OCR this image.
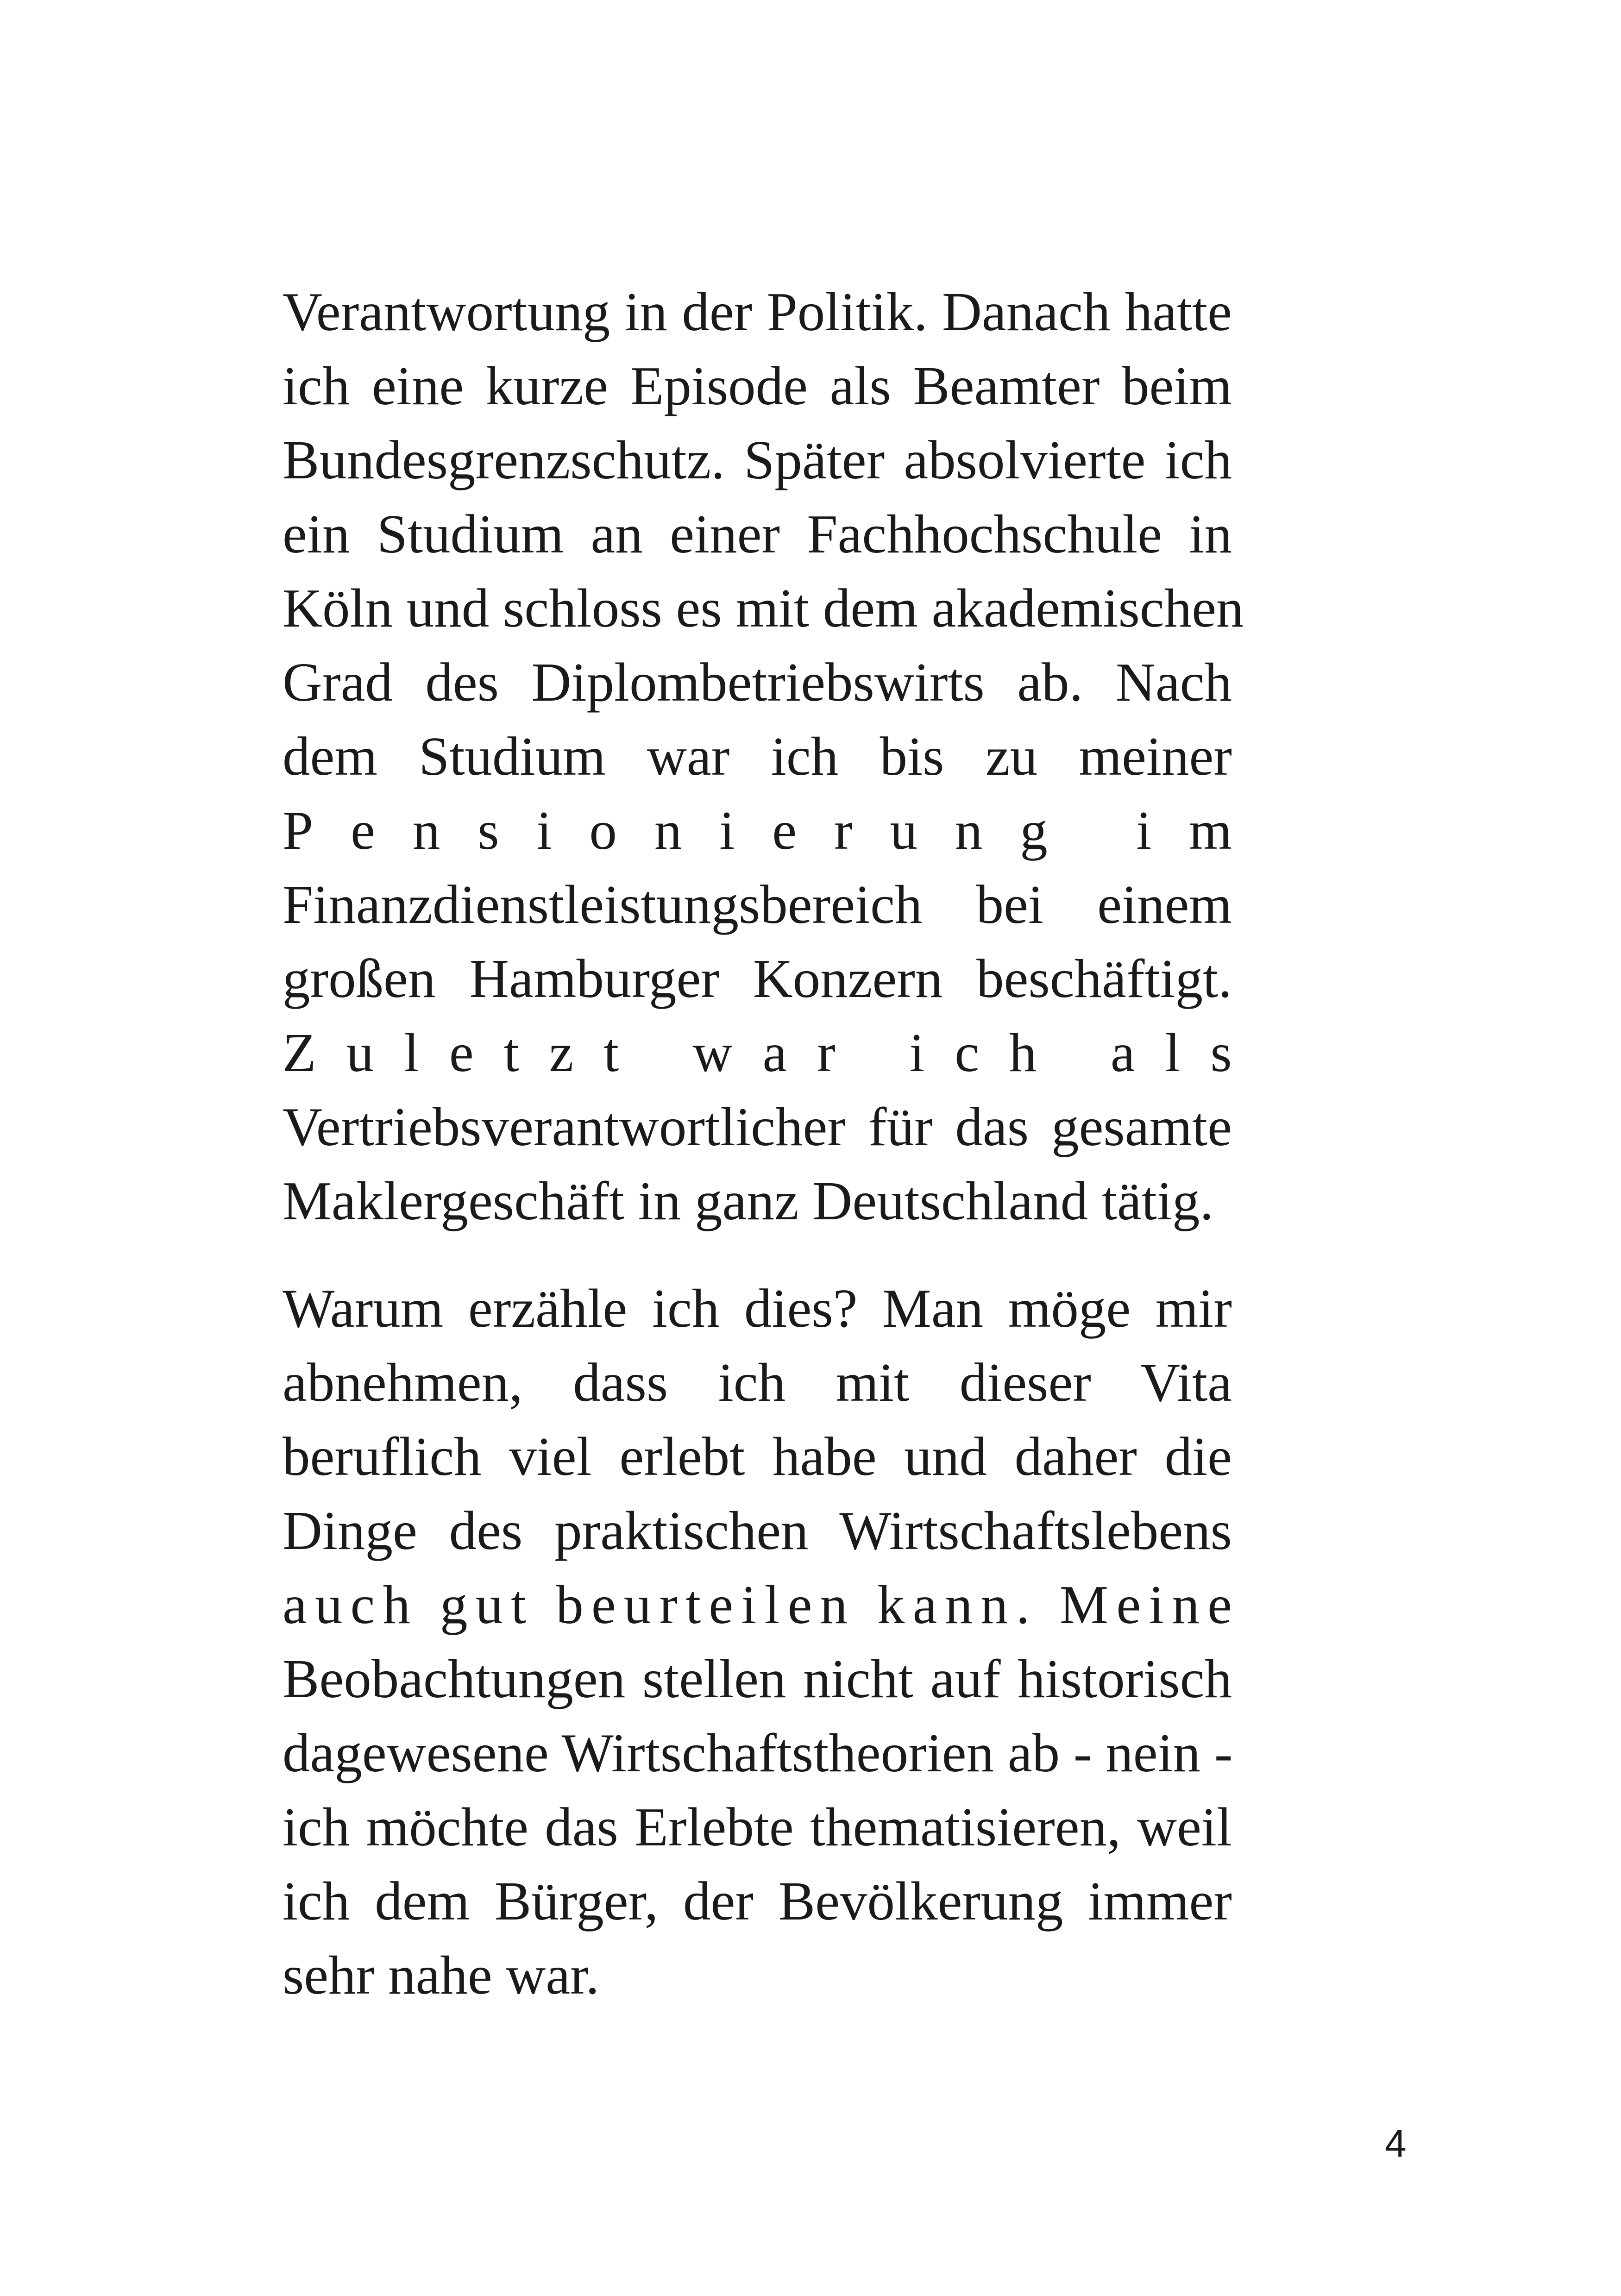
Verantwortung in der Politik. Danach hatte
ich eine kurze Episode als Beamter beim
Bundesgrenzschutz. Später absolvierte ich
ein Studium an einer Fachhochschule in
Köln und schloss es mit dem akademischen
Grad des Diplombetriebswirts ab. Nach
dem Studium war ich bis zu meiner
P e n s i o n i e r u n g
i m
Finanzdienstleistungsbereich bei einem
großen Hamburger Konzern beschäftigt.
Z u l e t z t
w a r
i c h
a l s
Vertriebsverantwortlicher für das gesamte
Maklergeschäft in ganz Deutschland tätig.
Warum erzähle ich dies? Man möge mir
abnehmen, dass ich mit dieser Vita
beruflich viel erlebt habe und daher die
Dinge des praktischen Wirtschaftslebens
a u c h
g u t
b e u r t e i l e n
k a n n .
M e i n e
Beobachtungen stellen nicht auf historisch
dagewesene Wirtschaftstheorien ab - nein -
ich möchte das Erlebte thematisieren, weil
ich dem Bürger, der Bevölkerung immer
sehr nahe war.
4
